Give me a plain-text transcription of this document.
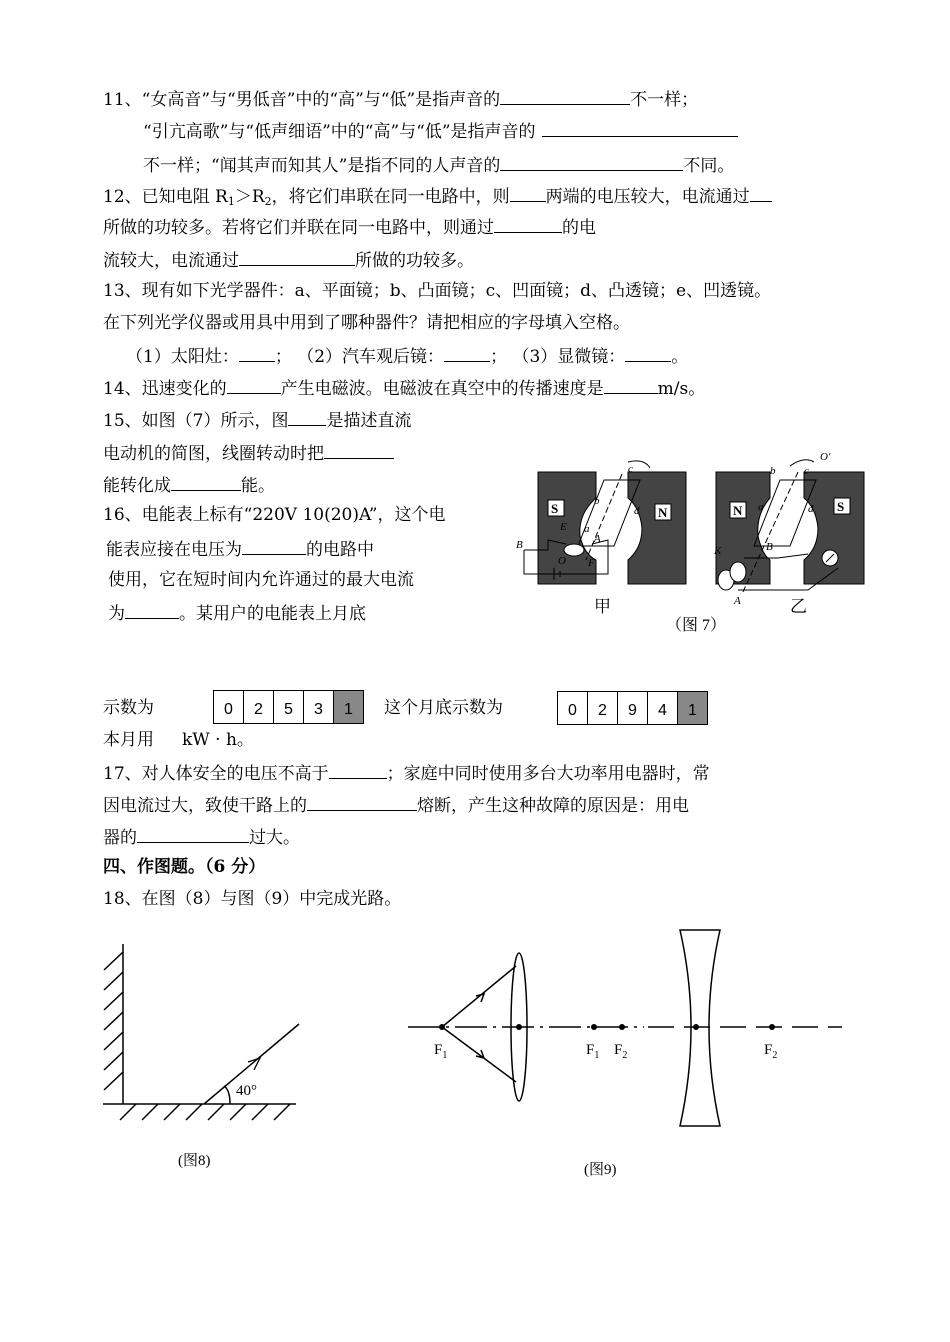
11、“女高音”与“男低音”中的“高”与“低”是指声音的	不一样；
“引亢高歌”与“低声细语”中的“高”与“低”是指声音的
不一样；“闻其声而知其人”是指不同的人声音的	不同。
12、已知电阻 $R_1>R_2$，将它们串联在同一电路中，则 两端的电压较大，电流通过
所做的功较多。若将它们并联在同一电路中，则通过	的电
流较大，电流通过	所做的功较多。
13、现有如下光学器件：a、平面镜；b、凸面镜；c、凹面镜；d、凸透镜；e、凹透镜。
在下列光学仪器或用具中用到了哪种器件？请把相应的字母填入空格。
（1）太阳灶： ； （2）汽车观后镜：	； （3）显微镜：	。
14、迅速变化的	产生电磁波。电磁波在真空中的传播速度是	m/s。
15、如图（7）所示，图 是描述直流
电动机的简图，线圈转动时把
能转化成	能。
16、电能表上标有“220V 10(20)A”，这个电
能表应接在电压为	的电路中
使用，它在短时间内允许通过的最大电流
为	。某用户的电能表上月底
示数为	0	2	5	3	1	这个月底示数为	0	2	9	4	1
本月用 kW · h。
17、对人体安全的电压不高于	；家庭中同时使用多台大功率用电器时，常
因电流过大，致使干路上的	熔断，产生这种故障的原因是：用电
器的	过大。
四、作图题。（6 分）
18、在图（8）与图（9）中完成光路。
S	N
b
c
a
d
E
A
B
O F
N	S
b	c
O′
a	d
B
K
A
甲	乙
（图 7）
40°
(图8)
$F_1$	$F_1$ $F_2$	$F_2$
(图9)
